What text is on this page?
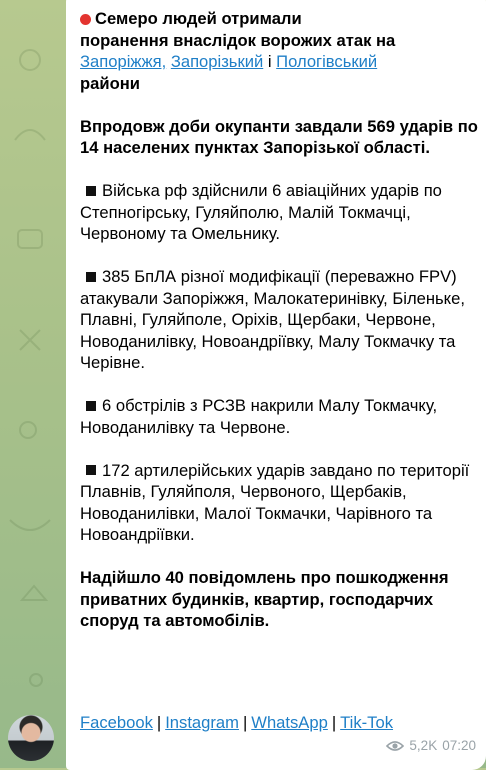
Семеро людей отримали
поранення внаслідок ворожих атак на
Запоріжжя, Запорізький і Пологівський
райони

Впродовж доби окупанти завдали 569 ударів по 14 населених пунктах Запорізької області.

Війська рф здійснили 6 авіаційних ударів по Степногірську, Гуляйполю, Малій Токмачці, Червоному та Омельнику.

385 БпЛА різної модифікації (переважно FPV) атакували Запоріжжя, Малокатеринівку, Біленьке, Плавні, Гуляйполе, Оріхів, Щербаки, Червоне, Новоданилівку, Новоандріївку, Малу Токмачку та Черівне.

6 обстрілів з РСЗВ накрили Малу Токмачку, Новоданилівку та Червоне.

172 артилерійських ударів завдано по території Плавнів, Гуляйполя, Червоного, Щербаків, Новоданилівки, Малої Токмачки, Чарівного та Новоандріївки.

Надійшло 40 повідомлень про пошкодження приватних будинків, квартир, господарчих споруд та автомобілів.

Facebook | Instagram | WhatsApp | Tik-Tok
5,2K 07:20
